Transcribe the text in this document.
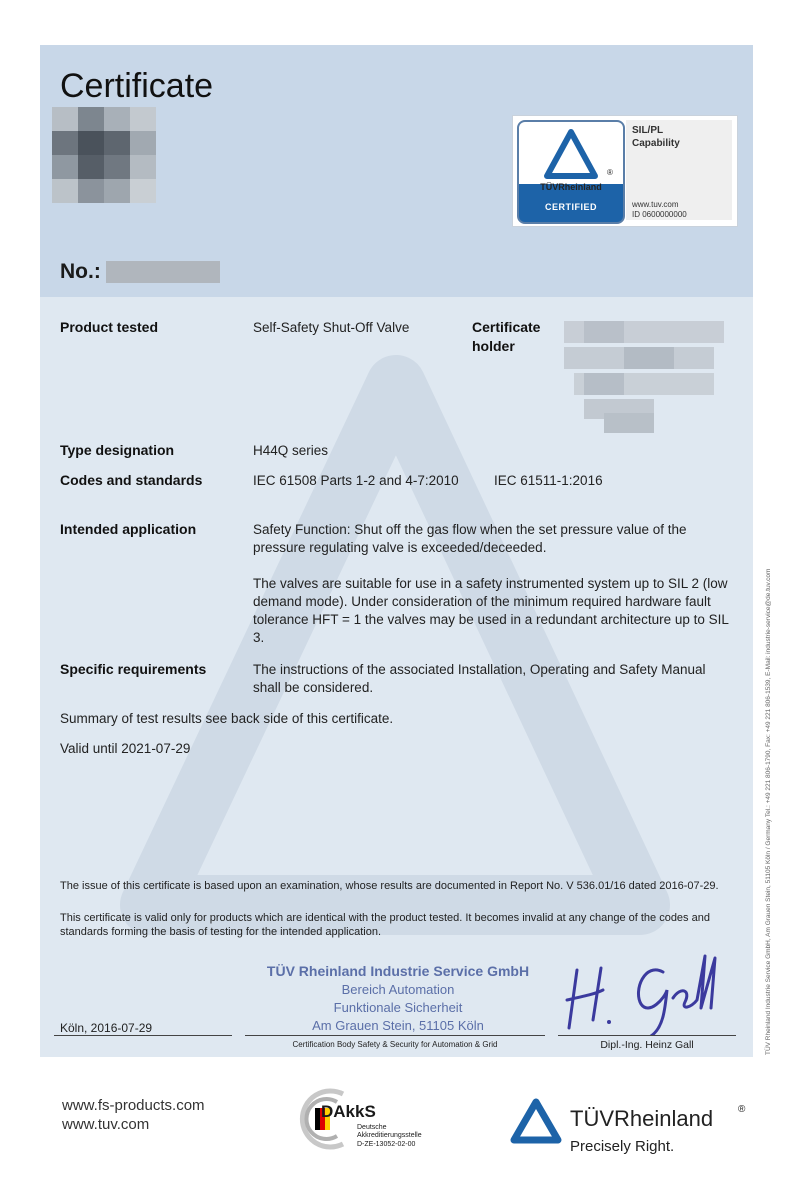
Certificate
No.:
TÜVRheinland
CERTIFIED
®
SIL/PL
Capability
www.tuv.com
ID 0600000000
Product tested	Self-Safety Shut-Off Valve	Certificate
holder
Type designation	H44Q series
Codes and standards	IEC 61508 Parts 1-2 and 4-7:2010	IEC 61511-1:2016
Intended application	Safety Function: Shut off the gas flow when the set pressure value of the pressure regulating valve is exceeded/deceeded.
The valves are suitable for use in a safety instrumented system up to SIL 2 (low demand mode). Under consideration of the minimum required hardware fault tolerance HFT = 1 the valves may be used in a redundant architecture up to SIL 3.
Specific requirements	The instructions of the associated Installation, Operating and Safety Manual shall be considered.
Summary of test results see back side of this certificate.
Valid until 2021-07-29
The issue of this certificate is based upon an examination, whose results are documented in Report No. V 536.01/16 dated 2016-07-29.
This certificate is valid only for products which are identical with the product tested. It becomes invalid at any change of the codes and standards forming the basis of testing for the intended application.
TÜV Rheinland Industrie Service GmbH
Bereich Automation
Funktionale Sicherheit
Am Grauen Stein, 51105 Köln
Köln, 2016-07-29
Certification Body Safety & Security for Automation & Grid	Dipl.-Ing. Heinz Gall	TÜV Rheinland Industrie Service GmbH, Am Grauen Stein, 51105 Köln / Germany Tel.: +49 221 806-1790, Fax: +49 221 806-1539, E-Mail: industrie-service@de.tuv.com
www.fs-products.com
www.tuv.com
DAkkS
Deutsche
Akkreditierungsstelle
D-ZE-13052-02-00
TÜVRheinland ®
Precisely Right.
